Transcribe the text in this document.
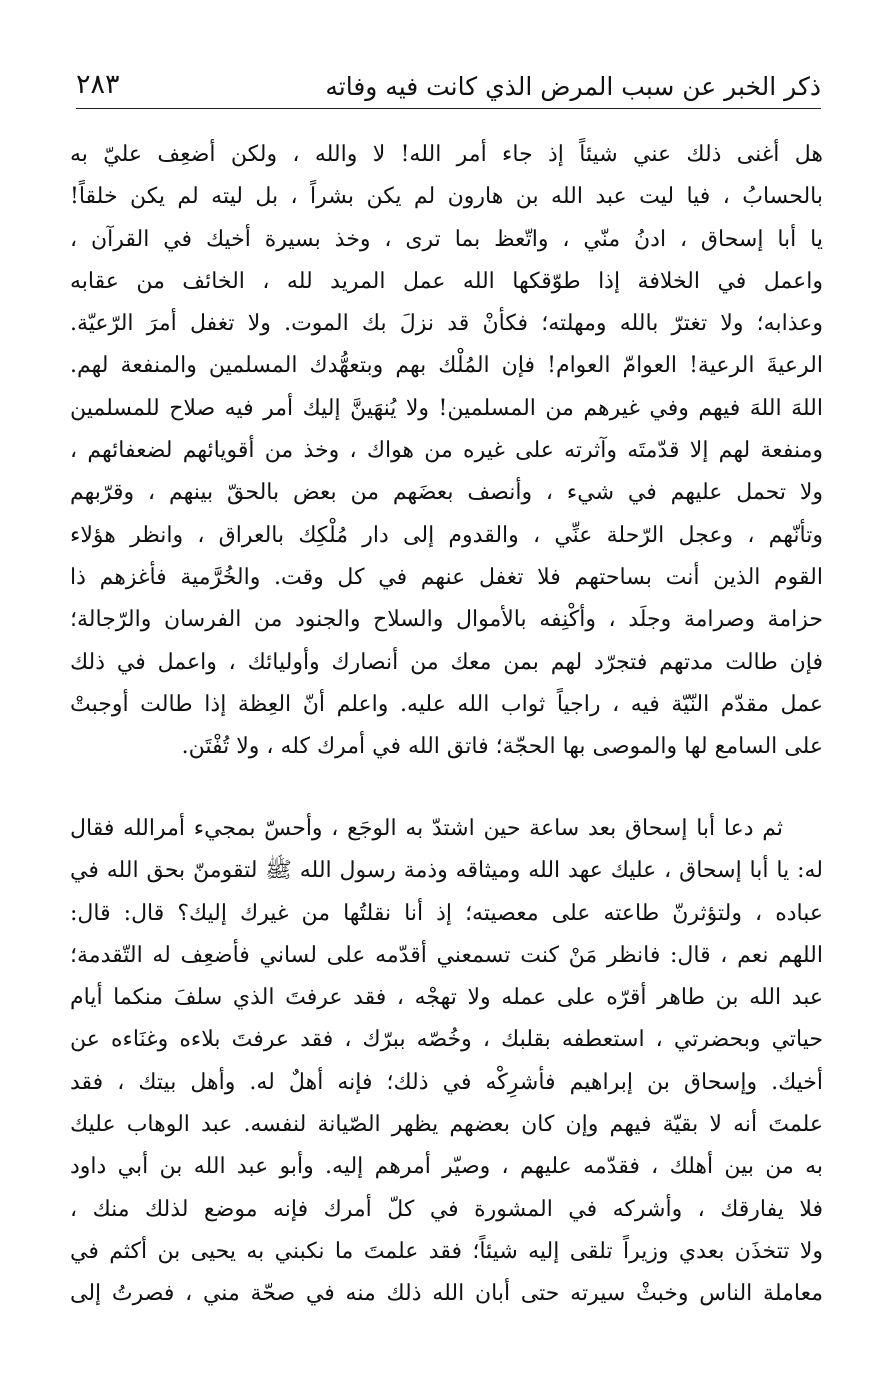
ذكر الخبر عن سبب المرض الذي كانت فيه وفاته
٢٨٣
هل أغنى ذلك عني شيئاً إذ جاء أمر الله! لا والله ، ولكن أضعِف عليّ به
بالحسابُ ، فيا ليت عبد الله بن هارون لم يكن بشراً ، بل ليته لم يكن خلقاً!
يا أبا إسحاق ، ادنُ منّي ، واتّعظ بما ترى ، وخذ بسيرة أخيك في القرآن ،
واعمل في الخلافة إذا طوّقكها الله عمل المريد لله ، الخائف من عقابه
وعذابه؛ ولا تغترّ بالله ومهلته؛ فكأنْ قد نزلَ بك الموت. ولا تغفل أمرَ الرّعيّة.
الرعيةَ الرعية! العوامّ العوام! فإن المُلْك بهم وبتعهُّدك المسلمين والمنفعة لهم.
اللهَ اللهَ فيهم وفي غيرهم من المسلمين! ولا يُنهَينَّ إليك أمر فيه صلاح للمسلمين
ومنفعة لهم إلا قدّمتَه وآثرته على غيره من هواك ، وخذ من أقويائهم لضعفائهم ،
ولا تحمل عليهم في شيء ، وأنصف بعضَهم من بعض بالحقّ بينهم ، وقرّبهم
وتأنّهم ، وعجل الرّحلة عنِّي ، والقدوم إلى دار مُلْكِك بالعراق ، وانظر هؤلاء
القوم الذين أنت بساحتهم فلا تغفل عنهم في كل وقت. والخُرَّمية فأغزهم ذا
حزامة وصرامة وجلَد ، وأكْنِفه بالأموال والسلاح والجنود من الفرسان والرّجالة؛
فإن طالت مدتهم فتجرّد لهم بمن معك من أنصارك وأوليائك ، واعمل في ذلك
عمل مقدّم النّيّة فيه ، راجياً ثواب الله عليه. واعلم أنّ العِظة إذا طالت أوجبتْ
على السامع لها والموصى بها الحجّة؛ فاتق الله في أمرك كله ، ولا تُفْتَن.
ثم دعا أبا إسحاق بعد ساعة حين اشتدّ به الوجَع ، وأحسّ بمجيء أمرالله فقال
له: يا أبا إسحاق ، عليك عهد الله وميثاقه وذمة رسول الله ﷺ لتقومنّ بحق الله في
عباده ، ولتؤثرنّ طاعته على معصيته؛ إذ أنا نقلتُها من غيرك إليك؟ قال: قال:
اللهم نعم ، قال: فانظر مَنْ كنت تسمعني أقدّمه على لساني فأضعِف له التّقدمة؛
عبد الله بن طاهر أقرّه على عمله ولا تهجْه ، فقد عرفتَ الذي سلفَ منكما أيام
حياتي وبحضرتي ، استعطفه بقلبك ، وخُصّه ببرّك ، فقد عرفتَ بلاءه وغنَاءه عن
أخيك. وإسحاق بن إبراهيم فأشرِكْه في ذلك؛ فإنه أهلٌ له. وأهل بيتك ، فقد
علمتَ أنه لا بقيّة فيهم وإن كان بعضهم يظهر الصّيانة لنفسه. عبد الوهاب عليك
به من بين أهلك ، فقدّمه عليهم ، وصيّر أمرهم إليه. وأبو عبد الله بن أبي داود
فلا يفارقك ، وأشركه في المشورة في كلّ أمرك فإنه موضع لذلك منك ،
ولا تتخذَن بعدي وزيراً تلقى إليه شيئاً؛ فقد علمتَ ما نكبني به يحيى بن أكثم في
معاملة الناس وخبثْ سيرته حتى أبان الله ذلك منه في صحّة مني ، فصرتُ إلى
